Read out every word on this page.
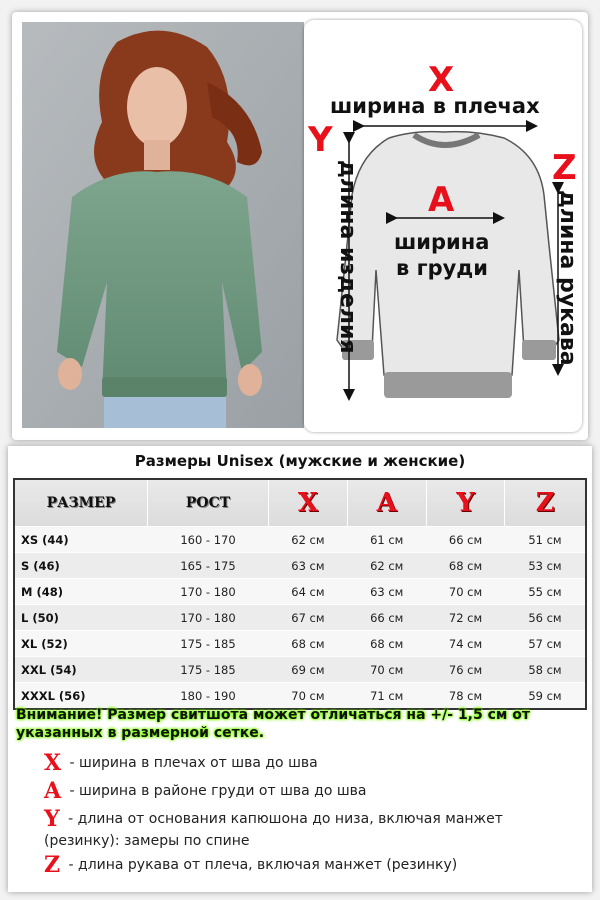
X
ширина в плечах
Y
длина изделия	Z
длина рукава
A
ширина
в груди
Размеры Unisex (мужские и женские)
РАЗМЕР	РОСТ	X	A	Y	Z
XS (44)	160 - 170	62 см	61 см	66 см	51 см
S (46)	165 - 175	63 см	62 см	68 см	53 см
M (48)	170 - 180	64 см	63 см	70 см	55 см
L (50)	170 - 180	67 см	66 см	72 см	56 см
XL (52)	175 - 185	68 см	68 см	74 см	57 см
XXL (54)	175 - 185	69 см	70 см	76 см	58 см
XXXL (56)	180 - 190	70 см	71 см	78 см	59 см
Внимание! Размер свитшота может отличаться на +/- 1,5 см от указанных в размерной сетке.
X - ширина в плечах от шва до шва
A - ширина в районе груди от шва до шва
Y - длина от основания капюшона до низа, включая манжет (резинку): замеры по спине
Z - длина рукава от плеча, включая манжет (резинку)
